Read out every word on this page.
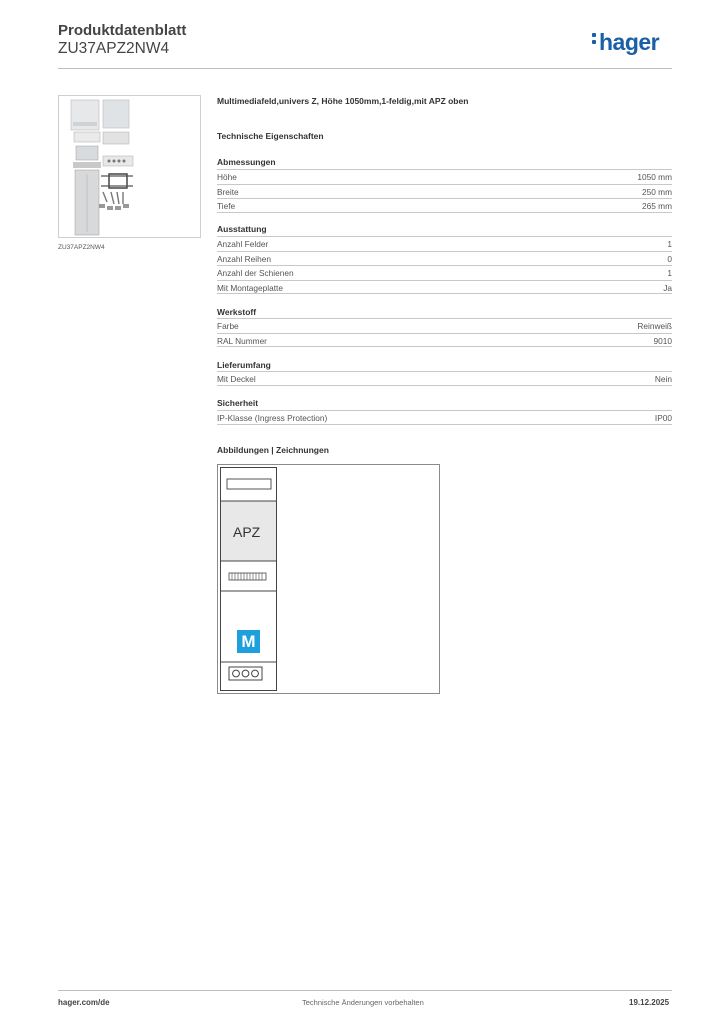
Produktdatenblatt
ZU37APZ2NW4	hager
ZU37APZ2NW4
Multimediafeld,univers Z, Höhe 1050mm,1-feldig,mit APZ oben
Technische Eigenschaften
Abmessungen
Höhe	1050 mm
Breite	250 mm
Tiefe	265 mm
Ausstattung
Anzahl Felder	1
Anzahl Reihen	0
Anzahl der Schienen	1
Mit Montageplatte	Ja
Werkstoff
Farbe	Reinweiß
RAL Nummer	9010
Lieferumfang
Mit Deckel	Nein
Sicherheit
IP-Klasse (Ingress Protection)	IP00
Abbildungen | Zeichnungen
APZ
M
hager.com/de	Technische Änderungen vorbehalten	19.12.2025
